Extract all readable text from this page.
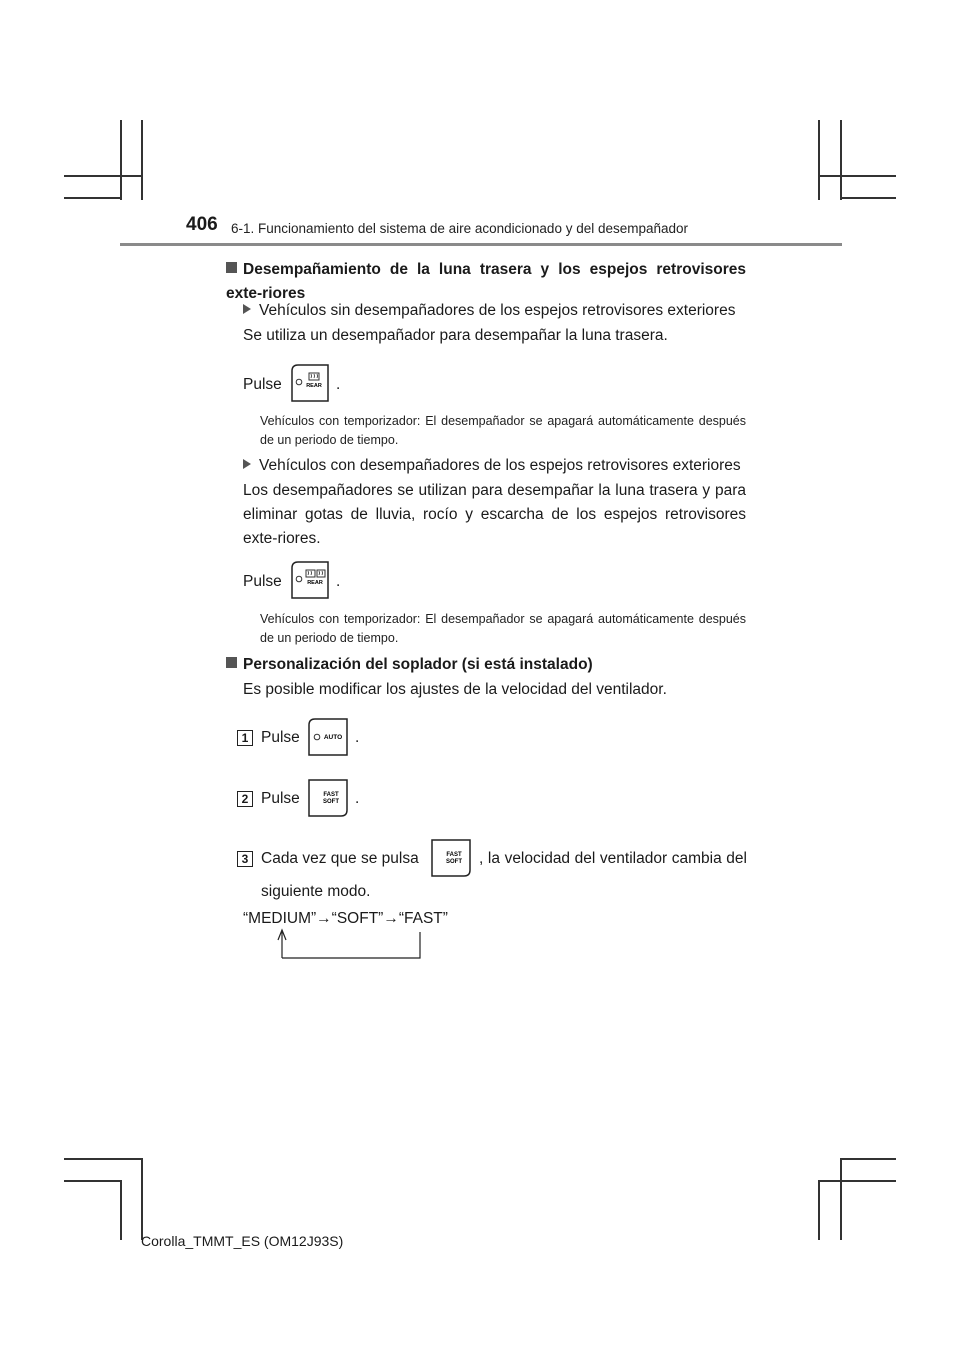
406 6-1. Funcionamiento del sistema de aire acondicionado y del desempañador
Desempañamiento de la luna trasera y los espejos retrovisores exte-riores
Vehículos sin desempañadores de los espejos retrovisores exteriores
Se utiliza un desempañador para desempañar la luna trasera.
Pulse	REAR .
Vehículos con temporizador: El desempañador se apagará automáticamente después de un periodo de tiempo.
Vehículos con desempañadores de los espejos retrovisores exteriores
Los desempañadores se utilizan para desempañar la luna trasera y para eliminar gotas de lluvia, rocío y escarcha de los espejos retrovisores exte-riores.
Pulse	REAR .
Vehículos con temporizador: El desempañador se apagará automáticamente después de un periodo de tiempo.
Personalización del soplador (si está instalado)
Es posible modificar los ajustes de la velocidad del ventilador.
1 Pulse	AUTO .
2 Pulse	FAST
SOFT .
3 Cada vez que se pulsa	FAST
SOFT , la velocidad del ventilador cambia del
siguiente modo.
“MEDIUM”→“SOFT”→“FAST”
Corolla_TMMT_ES (OM12J93S)
